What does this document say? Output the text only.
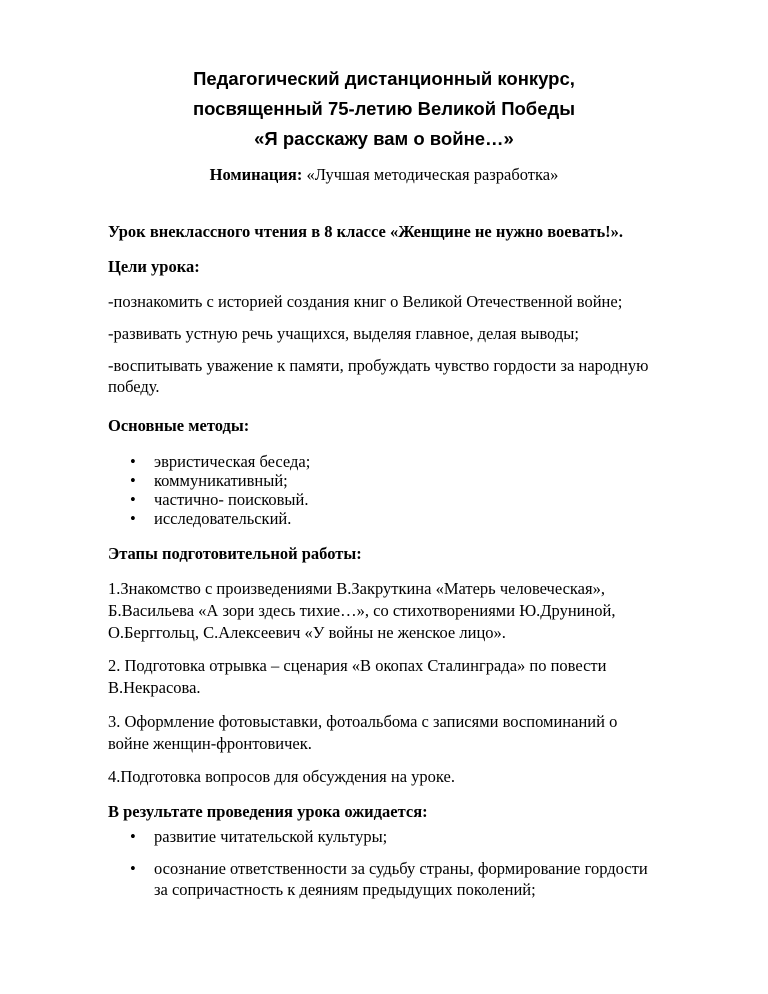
Педагогический дистанционный конкурс,
посвященный 75-летию Великой Победы
«Я расскажу вам о войне…»
Номинация: «Лучшая методическая разработка»
Урок внеклассного чтения в 8 классе «Женщине не нужно воевать!».
Цели урока:
-познакомить с историей создания книг о Великой Отечественной войне;
-развивать устную речь учащихся, выделяя главное, делая выводы;
-воспитывать уважение к памяти, пробуждать чувство гордости за народную
победу.
Основные методы:
• эвристическая беседа;
• коммуникативный;
• частично- поисковый.
• исследовательский.
Этапы подготовительной работы:
1.Знакомство с произведениями В.Закруткина «Матерь человеческая»,
Б.Васильева «А зори здесь тихие…», со стихотворениями Ю.Друниной,
О.Берггольц, С.Алексеевич «У войны не женское лицо».
2. Подготовка отрывка – сценария «В окопах Сталинграда» по повести
В.Некрасова.
3. Оформление фотовыставки, фотоальбома с записями воспоминаний о
войне женщин-фронтовичек.
4.Подготовка вопросов для обсуждения на уроке.
В результате проведения урока ожидается:
• развитие читательской культуры;
• осознание ответственности за судьбу страны, формирование гордости
за сопричастность к деяниям предыдущих поколений;
